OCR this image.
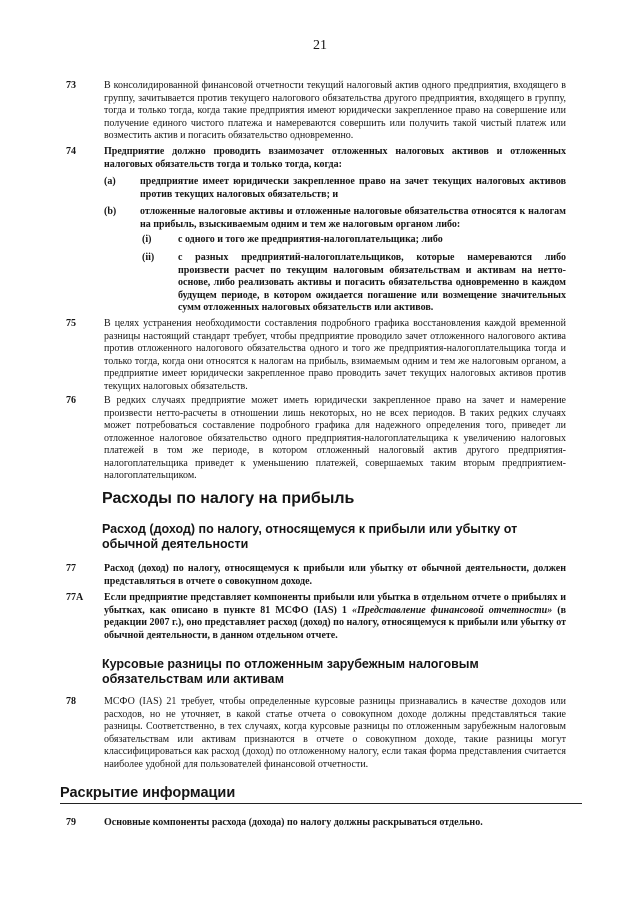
21
73	В консолидированной финансовой отчетности текущий налоговый актив одного предприятия, входящего в группу, зачитывается против текущего налогового обязательства другого предприятия, входящего в группу, тогда и только тогда, когда такие предприятия имеют юридически закрепленное право на совершение или получение единого чистого платежа и намереваются совершить или получить такой чистый платеж или возместить актив и погасить обязательство одновременно.
74	Предприятие должно проводить взаимозачет отложенных налоговых активов и отложенных налоговых обязательств тогда и только тогда, когда:
(a) предприятие имеет юридически закрепленное право на зачет текущих налоговых активов против текущих налоговых обязательств; и
(b) отложенные налоговые активы и отложенные налоговые обязательства относятся к налогам на прибыль, взыскиваемым одним и тем же налоговым органом либо:
(i)	с одного и того же предприятия-налогоплательщика; либо
(ii) с разных предприятий-налогоплательщиков, которые намереваются либо произвести расчет по текущим налоговым обязательствам и активам на нетто-основе, либо реализовать активы и погасить обязательства одновременно в каждом будущем периоде, в котором ожидается погашение или возмещение значительных сумм отложенных налоговых обязательств или активов.
75	В целях устранения необходимости составления подробного графика восстановления каждой временной разницы настоящий стандарт требует, чтобы предприятие проводило зачет отложенного налогового актива против отложенного налогового обязательства одного и того же предприятия-налогоплательщика тогда и только тогда, когда они относятся к налогам на прибыль, взимаемым одним и тем же налоговым органом, а предприятие имеет юридически закрепленное право проводить зачет текущих налоговых активов против текущих налоговых обязательств.
76	В редких случаях предприятие может иметь юридически закрепленное право на зачет и намерение произвести нетто-расчеты в отношении лишь некоторых, но не всех периодов. В таких редких случаях может потребоваться составление подробного графика для надежного определения того, приведет ли отложенное налоговое обязательство одного предприятия-налогоплательщика к увеличению налоговых платежей в том же периоде, в котором отложенный налоговый актив другого предприятия-налогоплательщика приведет к уменьшению платежей, совершаемых таким вторым предприятием-налогоплательщиком.
Расходы по налогу на прибыль
Расход (доход) по налогу, относящемуся к прибыли или убытку от обычной деятельности
77	Расход (доход) по налогу, относящемуся к прибыли или убытку от обычной деятельности, должен представляться в отчете о совокупном доходе.
77A Если предприятие представляет компоненты прибыли или убытка в отдельном отчете о прибылях и убытках, как описано в пункте 81 МСФО (IAS) 1 «Представление финансовой отчетности» (в редакции 2007 г.), оно представляет расход (доход) по налогу, относящемуся к прибыли или убытку от обычной деятельности, в данном отдельном отчете.
Курсовые разницы по отложенным зарубежным налоговым обязательствам или активам
78	МСФО (IAS) 21 требует, чтобы определенные курсовые разницы признавались в качестве доходов или расходов, но не уточняет, в какой статье отчета о совокупном доходе должны представляться такие разницы. Соответственно, в тех случаях, когда курсовые разницы по отложенным зарубежным налоговым обязательствам или активам признаются в отчете о совокупном доходе, такие разницы могут классифицироваться как расход (доход) по отложенному налогу, если такая форма представления считается наиболее удобной для пользователей финансовой отчетности.
Раскрытие информации
79	Основные компоненты расхода (дохода) по налогу должны раскрываться отдельно.
